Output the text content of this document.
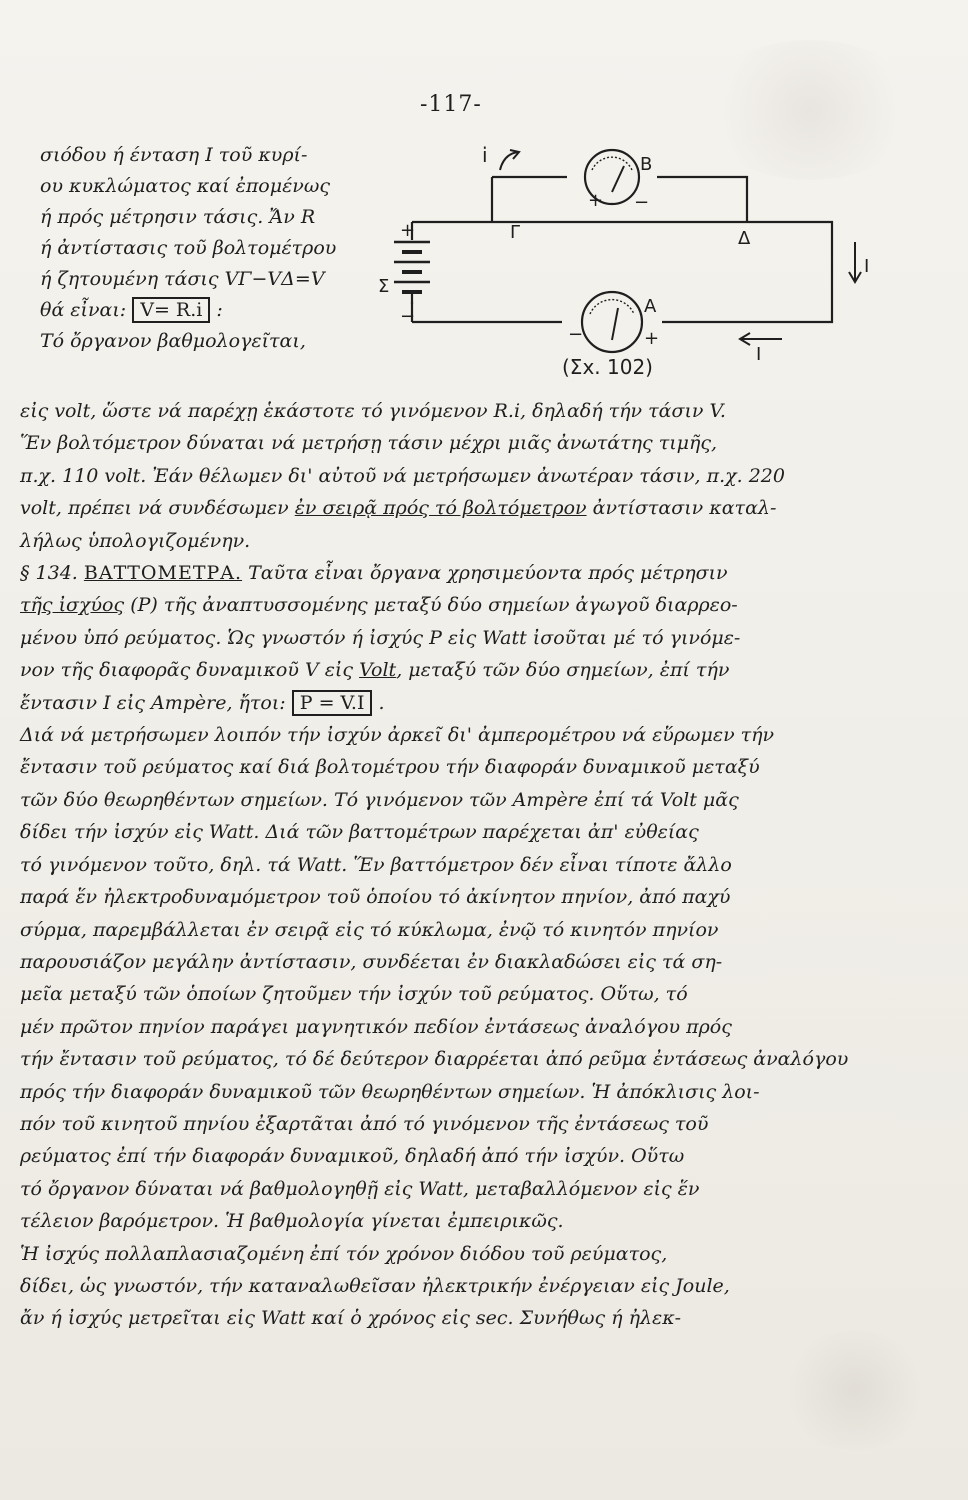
-117-
σιόδου ή ένταση I τοῦ κυρί-
ου κυκλώματος καί ἐπομένως
ή πρός μέτρησιν τάσις. Ἄν R
ή ἀντίστασις τοῦ βολτομέτρου
ή ζητουμένη τάσις VΓ−VΔ=V
θά εἶναι: V= R.i :
Τό ὄργανον βαθμολογεῖται,
i	B
+ −
Γ	Δ
+
Σ
−
I
A
−	+
I
(Σx. 102)
εἰς volt, ὥστε νά παρέχῃ ἑκάστοτε τό γινόμενον R.i, δηλαδή τήν τάσιν V.
Ἕν βολτόμετρον δύναται νά μετρήσῃ τάσιν μέχρι μιᾶς ἀνωτάτης τιμῆς,
π.χ. 110 volt. Ἐάν θέλωμεν δι' αὐτοῦ νά μετρήσωμεν ἀνωτέραν τάσιν, π.χ. 220
volt, πρέπει νά συνδέσωμεν ἐν σειρᾷ πρός τό βολτόμετρον ἀντίστασιν καταλ-
λήλως ὑπολογιζομένην.
§ 134. ΒΑΤΤΟΜΕΤΡΑ. Ταῦτα εἶναι ὄργανα χρησιμεύοντα πρός μέτρησιν
τῆς ἰσχύος (P) τῆς ἀναπτυσσομένης μεταξύ δύο σημείων ἀγωγοῦ διαρρεο-
μένου ὑπό ρεύματος. Ὡς γνωστόν ή ἰσχύς P εἰς Watt ἰσοῦται μέ τό γινόμε-
νον τῆς διαφορᾶς δυναμικοῦ V εἰς Volt, μεταξύ τῶν δύο σημείων, ἐπί τήν
ἔντασιν I εἰς Ampère, ἤτοι: P = V.I .
Διά νά μετρήσωμεν λοιπόν τήν ἰσχύν ἀρκεῖ δι' ἀμπερομέτρου νά εὕρωμεν τήν
ἔντασιν τοῦ ρεύματος καί διά βολτομέτρου τήν διαφοράν δυναμικοῦ μεταξύ
τῶν δύο θεωρηθέντων σημείων. Τό γινόμενον τῶν Ampère ἐπί τά Volt μᾶς
δίδει τήν ἰσχύν εἰς Watt. Διά τῶν βαττομέτρων παρέχεται ἀπ' εὐθείας
τό γινόμενον τοῦτο, δηλ. τά Watt. Ἕν βαττόμετρον δέν εἶναι τίποτε ἄλλο
παρά ἕν ἠλεκτροδυναμόμετρον τοῦ ὁποίου τό ἀκίνητον πηνίον, ἀπό παχύ
σύρμα, παρεμβάλλεται ἐν σειρᾷ εἰς τό κύκλωμα, ἐνῷ τό κινητόν πηνίον
παρουσιάζον μεγάλην ἀντίστασιν, συνδέεται ἐν διακλαδώσει εἰς τά ση-
μεῖα μεταξύ τῶν ὁποίων ζητοῦμεν τήν ἰσχύν τοῦ ρεύματος. Οὕτω, τό
μέν πρῶτον πηνίον παράγει μαγνητικόν πεδίον ἐντάσεως ἀναλόγου πρός
τήν ἔντασιν τοῦ ρεύματος, τό δέ δεύτερον διαρρέεται ἀπό ρεῦμα ἐντάσεως ἀναλόγου
πρός τήν διαφοράν δυναμικοῦ τῶν θεωρηθέντων σημείων. Ἡ ἀπόκλισις λοι-
πόν τοῦ κινητοῦ πηνίου ἐξαρτᾶται ἀπό τό γινόμενον τῆς ἐντάσεως τοῦ
ρεύματος ἐπί τήν διαφοράν δυναμικοῦ, δηλαδή ἀπό τήν ἰσχύν. Οὕτω
τό ὄργανον δύναται νά βαθμολογηθῇ εἰς Watt, μεταβαλλόμενον εἰς ἕν
τέλειον βαρόμετρον. Ἡ βαθμολογία γίνεται ἐμπειρικῶς.
Ἡ ἰσχύς πολλαπλασιαζομένη ἐπί τόν χρόνον διόδου τοῦ ρεύματος,
δίδει, ὡς γνωστόν, τήν καταναλωθεῖσαν ἠλεκτρικήν ἐνέργειαν εἰς Joule,
ἄν ή ἰσχύς μετρεῖται εἰς Watt καί ὁ χρόνος εἰς sec. Συνήθως ή ἠλεκ-
